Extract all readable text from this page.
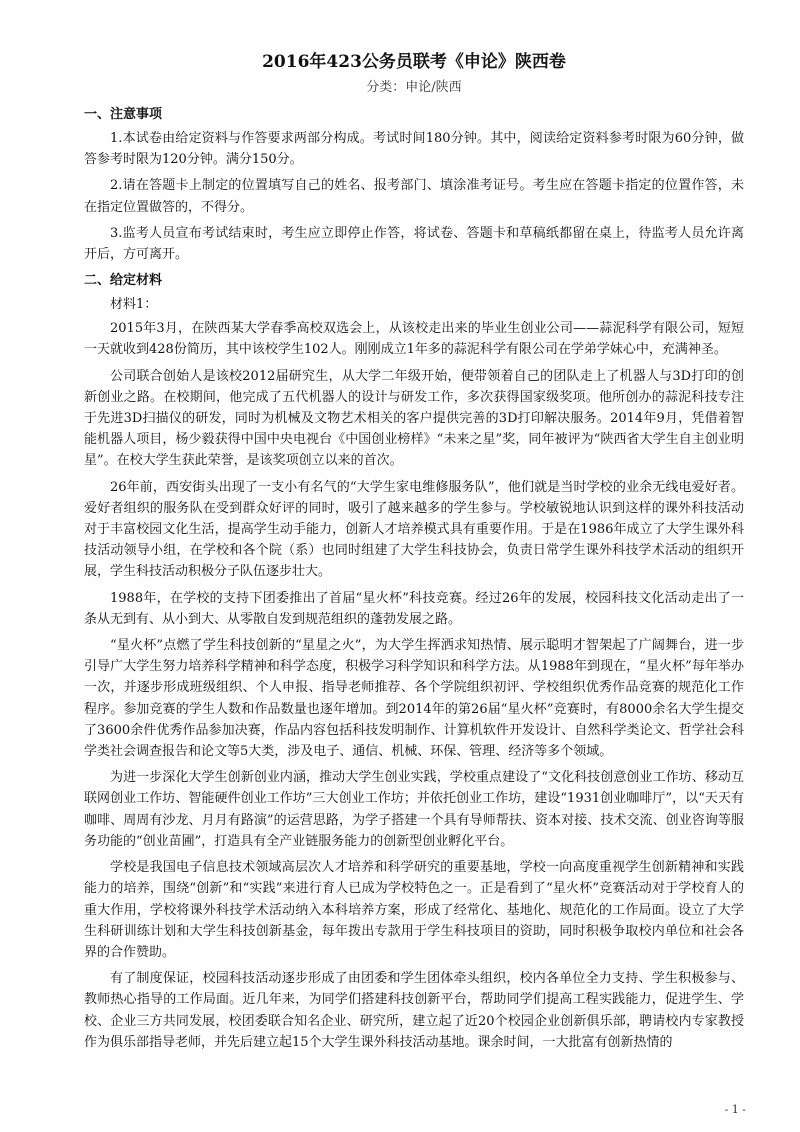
2016年423公务员联考《申论》陕西卷
分类：申论/陕西
一、注意事项

1.本试卷由给定资料与作答要求两部分构成。考试时间180分钟。其中，阅读给定资料参考时限为60分钟，做答参考时限为120分钟。满分150分。

2.请在答题卡上制定的位置填写自己的姓名、报考部门、填涂准考证号。考生应在答题卡指定的位置作答，未在指定位置做答的，不得分。

3.监考人员宣布考试结束时，考生应立即停止作答，将试卷、答题卡和草稿纸都留在桌上，待监考人员允许离开后，方可离开。

二、给定材料
材料1：

2015年3月，在陕西某大学春季高校双选会上，从该校走出来的毕业生创业公司——蒜泥科学有限公司，短短一天就收到428份简历，其中该校学生102人。刚刚成立1年多的蒜泥科学有限公司在学弟学妹心中，充满神圣。

公司联合创始人是该校2012届研究生，从大学二年级开始，便带领着自己的团队走上了机器人与3D打印的创新创业之路。在校期间，他完成了五代机器人的设计与研发工作，多次获得国家级奖项。他所创办的蒜泥科技专注于先进3D扫描仪的研发，同时为机械及文物艺术相关的客户提供完善的3D打印解决服务。2014年9月，凭借着智能机器人项目，杨少毅获得中国中央电视台《中国创业榜样》“未来之星”奖，同年被评为“陕西省大学生自主创业明星”。在校大学生获此荣誉，是该奖项创立以来的首次。

26年前，西安街头出现了一支小有名气的“大学生家电维修服务队”，他们就是当时学校的业余无线电爱好者。爱好者组织的服务队在受到群众好评的同时，吸引了越来越多的学生参与。学校敏锐地认识到这样的课外科技活动对于丰富校园文化生活，提高学生动手能力，创新人才培养模式具有重要作用。于是在1986年成立了大学生课外科技活动领导小组，在学校和各个院（系）也同时组建了大学生科技协会，负责日常学生课外科技学术活动的组织开展，学生科技活动积极分子队伍逐步壮大。

1988年，在学校的支持下团委推出了首届“星火杯”科技竞赛。经过26年的发展，校园科技文化活动走出了一条从无到有、从小到大、从零散自发到规范组织的蓬勃发展之路。

“星火杯”点燃了学生科技创新的“星星之火”，为大学生挥洒求知热情、展示聪明才智架起了广阔舞台，进一步引导广大学生努力培养科学精神和科学态度，积极学习科学知识和科学方法。从1988年到现在，“星火杯”每年举办一次，并逐步形成班级组织、个人申报、指导老师推荐、各个学院组织初评、学校组织优秀作品竞赛的规范化工作程序。参加竞赛的学生人数和作品数量也逐年增加。到2014年的第26届“星火杯”竞赛时，有8000余名大学生提交了3600余件优秀作品参加决赛，作品内容包括科技发明制作、计算机软件开发设计、自然科学类论文、哲学社会科学类社会调查报告和论文等5大类，涉及电子、通信、机械、环保、管理、经济等多个领域。

为进一步深化大学生创新创业内涵，推动大学生创业实践，学校重点建设了“文化科技创意创业工作坊、移动互联网创业工作坊、智能硬件创业工作坊”三大创业工作坊；并依托创业工作坊，建设“1931创业咖啡厅”，以“天天有咖啡、周周有沙龙、月月有路演”的运营思路，为学子搭建一个具有导师帮扶、资本对接、技术交流、创业咨询等服务功能的“创业苗圃”，打造具有全产业链服务能力的创新型创业孵化平台。

学校是我国电子信息技术领域高层次人才培养和科学研究的重要基地，学校一向高度重视学生创新精神和实践能力的培养，围绕“创新”和“实践”来进行育人已成为学校特色之一。正是看到了“星火杯”竞赛活动对于学校育人的重大作用，学校将课外科技学术活动纳入本科培养方案，形成了经常化、基地化、规范化的工作局面。设立了大学生科研训练计划和大学生科技创新基金，每年拨出专款用于学生科技项目的资助，同时积极争取校内单位和社会各界的合作赞助。

有了制度保证，校园科技活动逐步形成了由团委和学生团体牵头组织，校内各单位全力支持、学生积极参与、教师热心指导的工作局面。近几年来，为同学们搭建科技创新平台，帮助同学们提高工程实践能力，促进学生、学校、企业三方共同发展，校团委联合知名企业、研究所，建立起了近20个校园企业创新俱乐部，聘请校内专家教授作为俱乐部指导老师，并先后建立起15个大学生课外科技活动基地。课余时间，一大批富有创新热情的

- 1 -
